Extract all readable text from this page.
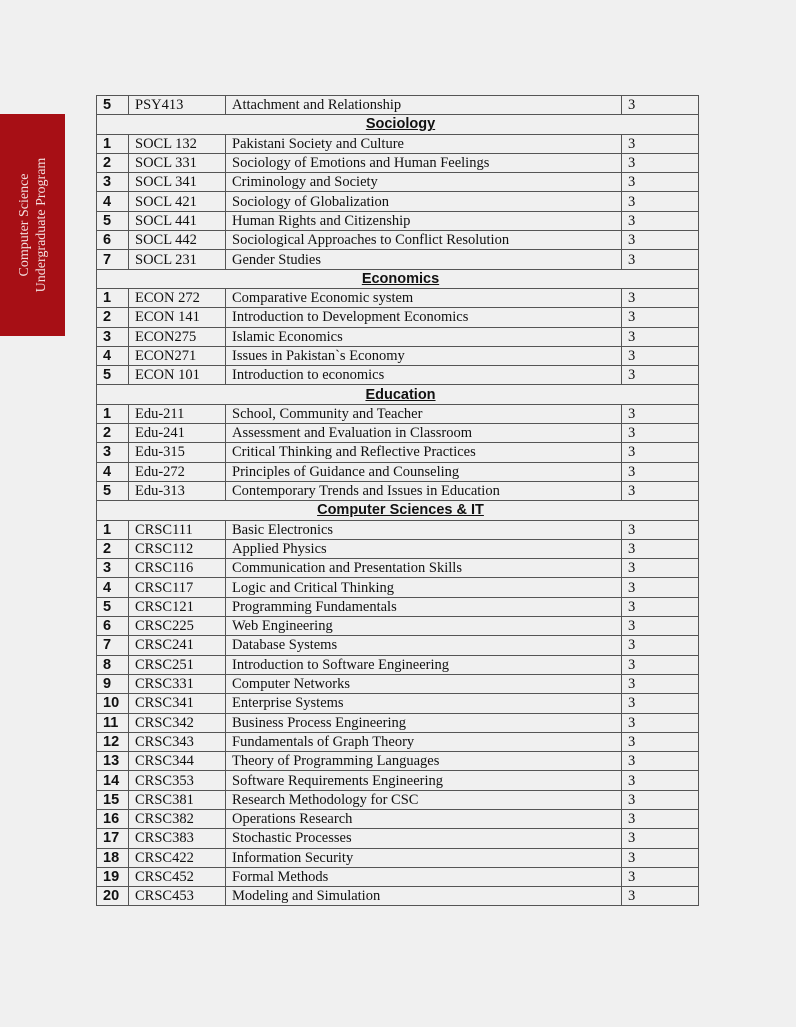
Computer Science Undergraduate Program
5	PSY413	Attachment and Relationship	3
Sociology			
1	SOCL 132	Pakistani Society and Culture	3
2	SOCL 331	Sociology of Emotions and Human Feelings	3
3	SOCL 341	Criminology and Society	3
4	SOCL 421	Sociology of Globalization	3
5	SOCL 441	Human Rights and Citizenship	3
6	SOCL 442	Sociological Approaches to Conflict Resolution	3
7	SOCL 231	Gender Studies	3
Economics			
1	ECON 272	Comparative Economic system	3
2	ECON 141	Introduction to Development Economics	3
3	ECON275	Islamic Economics	3
4	ECON271	Issues in Pakistan`s Economy	3
5	ECON 101	Introduction to economics	3
Education			
1	Edu-211	School, Community and Teacher	3
2	Edu-241	Assessment and Evaluation in Classroom	3
3	Edu-315	Critical Thinking and Reflective Practices	3
4	Edu-272	Principles of Guidance and Counseling	3
5	Edu-313	Contemporary Trends and Issues in Education	3
Computer Sciences & IT			
1	CRSC111	Basic Electronics	3
2	CRSC112	Applied Physics	3
3	CRSC116	Communication and Presentation Skills	3
4	CRSC117	Logic and Critical Thinking	3
5	CRSC121	Programming Fundamentals	3
6	CRSC225	Web Engineering	3
7	CRSC241	Database Systems	3
8	CRSC251	Introduction to Software Engineering	3
9	CRSC331	Computer Networks	3
10	CRSC341	Enterprise Systems	3
11	CRSC342	Business Process Engineering	3
12	CRSC343	Fundamentals of Graph Theory	3
13	CRSC344	Theory of Programming Languages	3
14	CRSC353	Software Requirements Engineering	3
15	CRSC381	Research Methodology for CSC	3
16	CRSC382	Operations Research	3
17	CRSC383	Stochastic Processes	3
18	CRSC422	Information Security	3
19	CRSC452	Formal Methods	3
20	CRSC453	Modeling and Simulation	3
